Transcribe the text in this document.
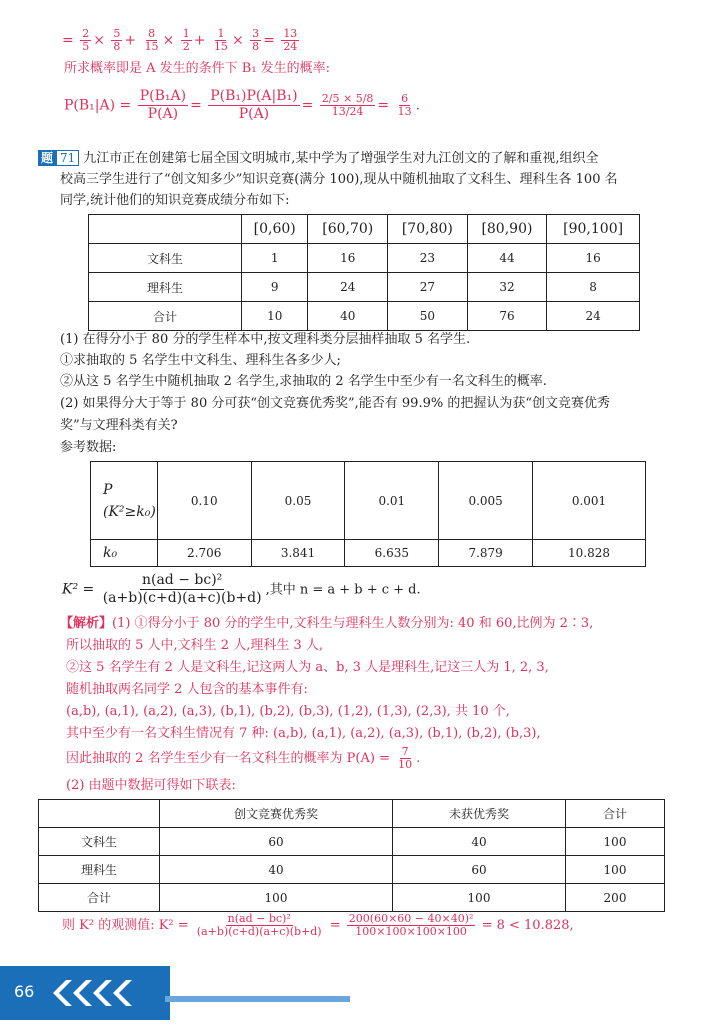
= $\frac{2}{5} \times \frac{5}{8} + \frac{8}{15} \times \frac{1}{2} + \frac{1}{15} \times \frac{3}{8} = \frac{13}{24}$
所求概率即是 A 发生的条件下 B₁ 发生的概率:
$P(B_1|A) = \frac{\text{P(B₁A)}}{P(A)} = \frac{\text{P(B₁)P(A|B₁)}}{P(A)} = \frac{2/5 \times 5/8}{13/24} = \frac{6}{13}$ .
题 71 九江市正在创建第七届全国文明城市,某中学为了增强学生对九江创文的了解和重视,组织全
校高三学生进行了“创文知多少”知识竞赛(满分 100),现从中随机抽取了文科生、理科生各 100 名
同学,统计他们的知识竞赛成绩分布如下:
	[0,60)	[60,70)	[70,80)	[80,90)	[90,100]
文科生	1	16	23	44	16
理科生	9	24	27	32	8
合计	10	40	50	76	24
(1) 在得分小于 80 分的学生样本中,按文理科类分层抽样抽取 5 名学生.
①求抽取的 5 名学生中文科生、理科生各多少人;
②从这 5 名学生中随机抽取 2 名学生,求抽取的 2 名学生中至少有一名文科生的概率.
(2) 如果得分大于等于 80 分可获“创文竞赛优秀奖”,能否有 99.9% 的把握认为获“创文竞赛优秀
奖”与文理科类有关?
参考数据:
P
(K²≥k₀)	0.10	0.05	0.01	0.005	0.001
k₀	2.706	3.841	6.635	7.879	10.828
$K^2 = \frac{\text{n(ad − bc)²}}{(a+b)(c+d)(a+c)(b+d)}$ ,其中 n = a + b + c + d.
【解析】(1) ①得分小于 80 分的学生中,文科生与理科生人数分别为: 40 和 60,比例为 2∶3,
所以抽取的 5 人中,文科生 2 人,理科生 3 人,
②这 5 名学生有 2 人是文科生,记这两人为 a、b, 3 人是理科生,记这三人为 1, 2, 3,
随机抽取两名同学 2 人包含的基本事件有:
(a,b), (a,1), (a,2), (a,3), (b,1), (b,2), (b,3), (1,2), (1,3), (2,3), 共 10 个,
其中至少有一名文科生情况有 7 种: (a,b), (a,1), (a,2), (a,3), (b,1), (b,2), (b,3),
因此抽取的 2 名学生至少有一名文科生的概率为 $P(A) = \frac{7}{10}$ .
(2) 由题中数据可得如下联表:
	创文竞赛优秀奖	未获优秀奖	合计
文科生	60	40	100
理科生	40	60	100
合计	100	100	200
则 K² 的观测值: $K^2 = \frac{\text{n(ad − bc)²}}{(a+b)(c+d)(a+c)(b+d)} = \frac{\text{200(60×60 − 40×40)²}}{100\times 100\times 100\times 100} = 8 < 10.828$,
66
